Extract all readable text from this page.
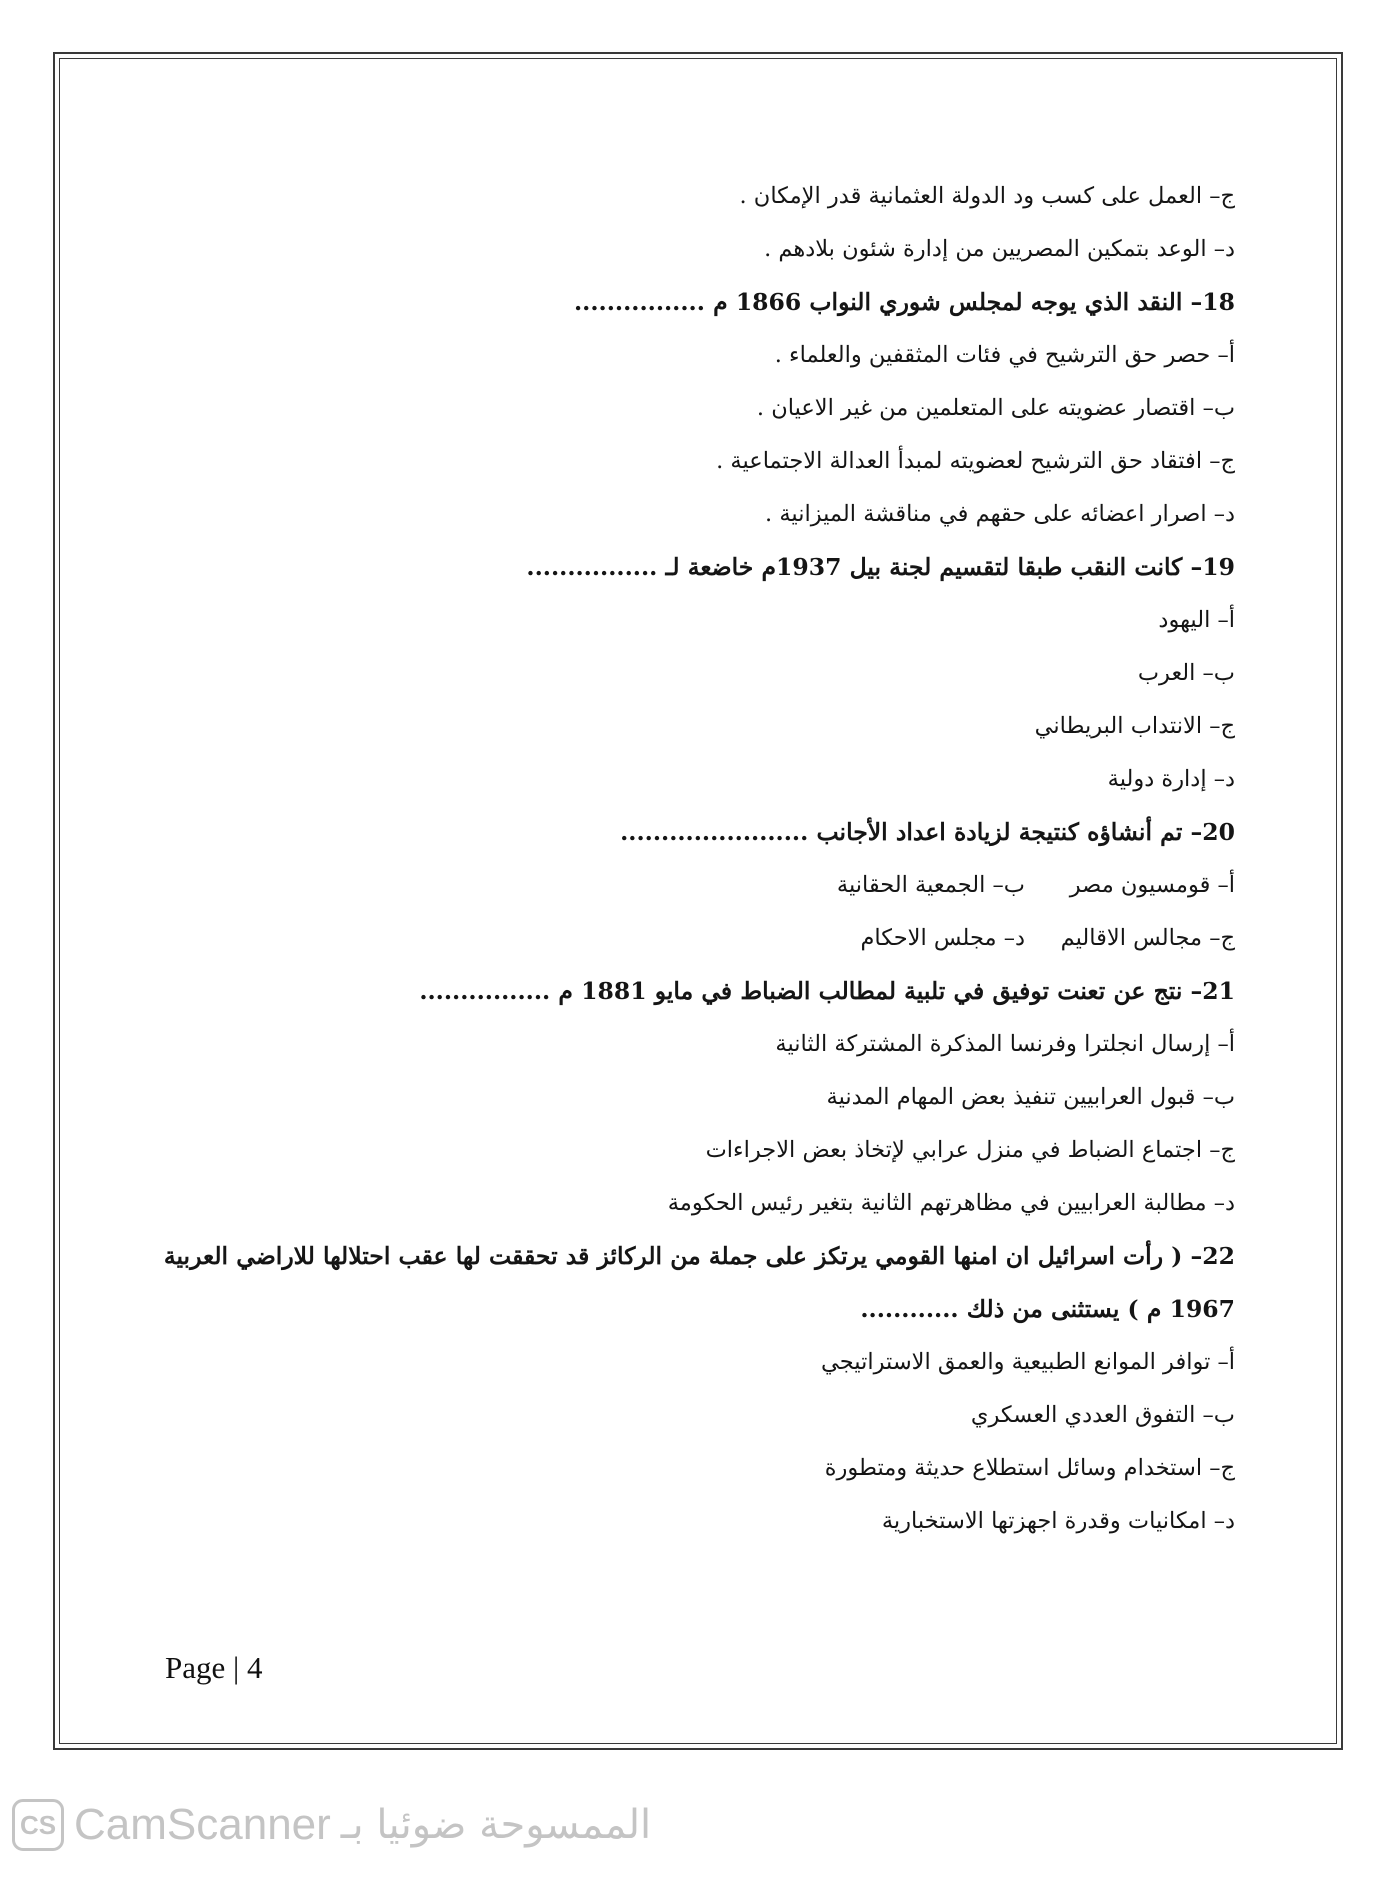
ج– العمل على كسب ود الدولة العثمانية قدر الإمكان .
د– الوعد بتمكين المصريين من إدارة شئون بلادهم .
18– النقد الذي يوجه لمجلس شوري النواب 1866 م ................
أ– حصر حق الترشيح في فئات المثقفين والعلماء .
ب– اقتصار عضويته على المتعلمين من غير الاعيان .
ج– افتقاد حق الترشيح لعضويته لمبدأ العدالة الاجتماعية .
د– اصرار اعضائه على حقهم في مناقشة الميزانية .
19– كانت النقب طبقا لتقسيم لجنة بيل 1937م خاضعة لـ ................
أ– اليهود
ب– العرب
ج– الانتداب البريطاني
د– إدارة دولية
20– تم أنشاؤه كنتيجة لزيادة اعداد الأجانب .......................
أ– قومسيون مصر
ب– الجمعية الحقانية
ج– مجالس الاقاليم
د– مجلس الاحكام
21– نتج عن تعنت توفيق في تلبية لمطالب الضباط في مايو 1881 م ................
أ– إرسال انجلترا وفرنسا المذكرة المشتركة الثانية
ب– قبول العرابيين تنفيذ بعض المهام المدنية
ج– اجتماع الضباط في منزل عرابي لإتخاذ بعض الاجراءات
د– مطالبة العرابيين في مظاهرتهم الثانية بتغير رئيس الحكومة
22– ( رأت اسرائيل ان امنها القومي يرتكز على جملة من الركائز قد تحققت لها عقب احتلالها للاراضي العربية 1967 م ) يستثنى من ذلك ............
أ– توافر الموانع الطبيعية والعمق الاستراتيجي
ب– التفوق العددي العسكري
ج– استخدام وسائل استطلاع حديثة ومتطورة
د– امكانيات وقدرة اجهزتها الاستخبارية
Page | 4
CS CamScanner الممسوحة ضوئيا بـ
